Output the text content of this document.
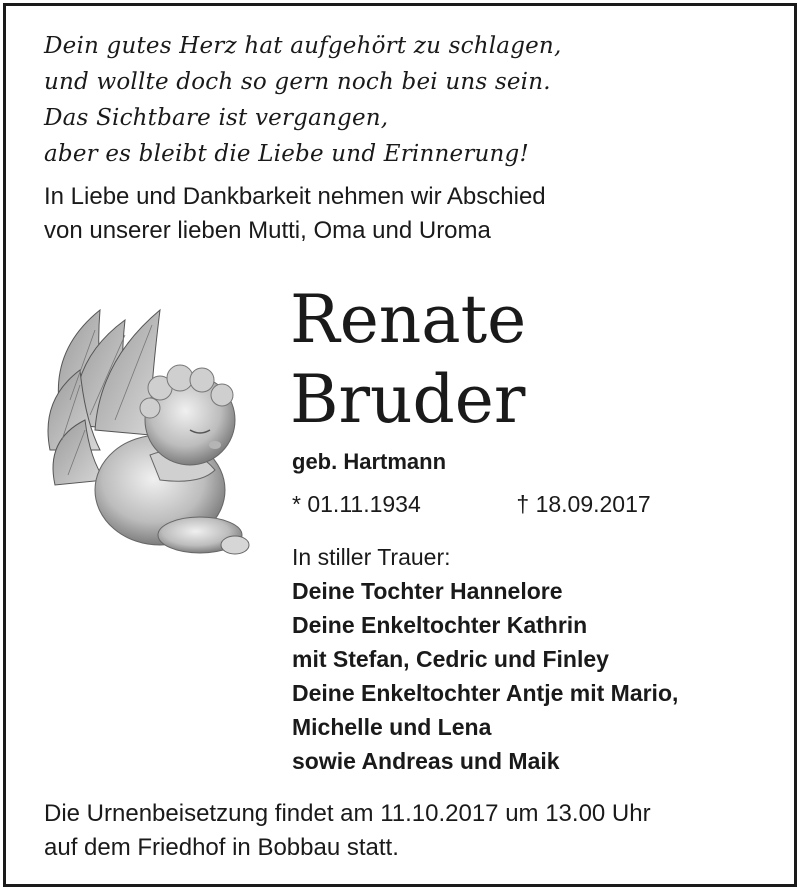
Dein gutes Herz hat aufgehört zu schlagen,
und wollte doch so gern noch bei uns sein.
Das Sichtbare ist vergangen,
aber es bleibt die Liebe und Erinnerung!
In Liebe und Dankbarkeit nehmen wir Abschied
von unserer lieben Mutti, Oma und Uroma
Renate
Bruder
geb. Hartmann
* 01.11.1934	† 18.09.2017
In stiller Trauer:
Deine Tochter Hannelore
Deine Enkeltochter Kathrin
mit Stefan, Cedric und Finley
Deine Enkeltochter Antje mit Mario,
Michelle und Lena
sowie Andreas und Maik
Die Urnenbeisetzung findet am 11.10.2017 um 13.00 Uhr
auf dem Friedhof in Bobbau statt.
